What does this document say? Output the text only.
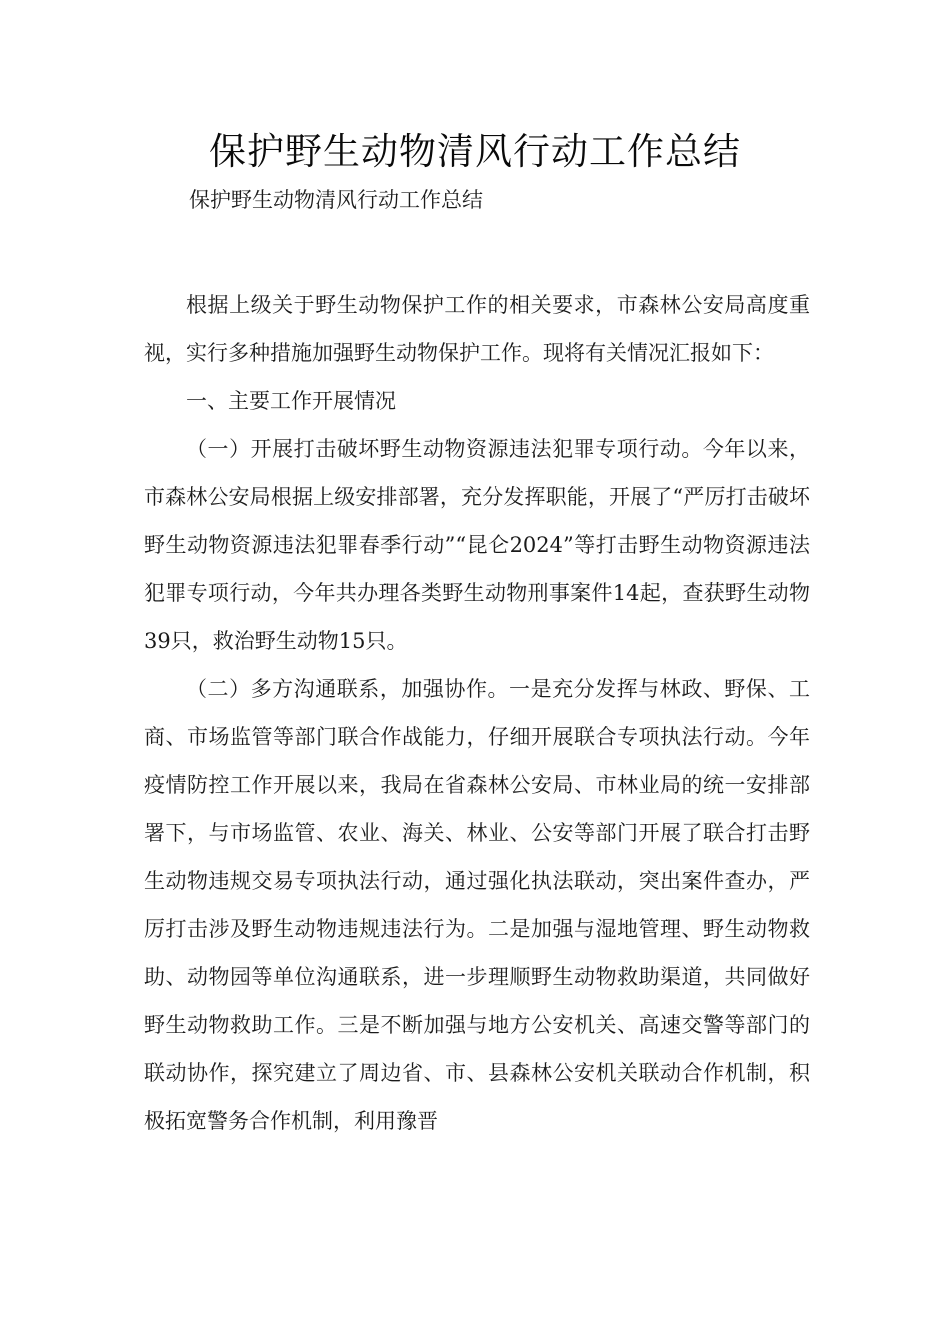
保护野生动物清风行动工作总结
保护野生动物清风行动工作总结

根据上级关于野生动物保护工作的相关要求，市森林公安局高度重视，实行多种措施加强野生动物保护工作。现将有关情况汇报如下：

一、主要工作开展情况

（一）开展打击破坏野生动物资源违法犯罪专项行动。今年以来，市森林公安局根据上级安排部署，充分发挥职能，开展了“严厉打击破坏野生动物资源违法犯罪春季行动”“昆仑2024”等打击野生动物资源违法犯罪专项行动，今年共办理各类野生动物刑事案件14起，查获野生动物39只，救治野生动物15只。

（二）多方沟通联系，加强协作。一是充分发挥与林政、野保、工商、市场监管等部门联合作战能力，仔细开展联合专项执法行动。今年疫情防控工作开展以来，我局在省森林公安局、市林业局的统一安排部署下，与市场监管、农业、海关、林业、公安等部门开展了联合打击野生动物违规交易专项执法行动，通过强化执法联动，突出案件查办，严厉打击涉及野生动物违规违法行为。二是加强与湿地管理、野生动物救助、动物园等单位沟通联系，进一步理顺野生动物救助渠道，共同做好野生动物救助工作。三是不断加强与地方公安机关、高速交警等部门的联动协作，探究建立了周边省、市、县森林公安机关联动合作机制，积极拓宽警务合作机制，利用豫晋
